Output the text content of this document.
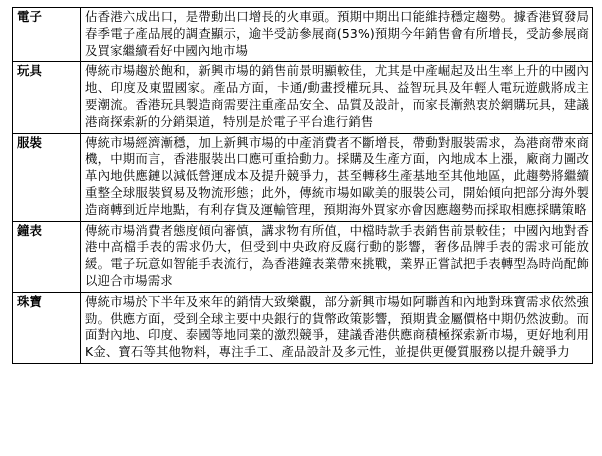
電子	佔香港六成出口，是帶動出口增長的火車頭。預期中期出口能維持穩定趨勢。據香港貿發局春季電子產品展的調查顯示，逾半受訪參展商(53%)預期今年銷售會有所增長，受訪參展商及買家繼續看好中國內地市場
玩具	傳統市場趨於飽和，新興市場的銷售前景明顯較佳，尤其是中產崛起及出生率上升的中國內地、印度及東盟國家。產品方面，卡通/動畫授權玩具、益智玩具及年輕人電玩遊戲將成主要潮流。香港玩具製造商需要注重產品安全、品質及設計，而家長漸熱衷於網購玩具，建議港商探索新的分銷渠道，特別是於電子平台進行銷售
服裝	傳統市場經濟漸穩，加上新興市場的中產消費者不斷增長，帶動對服裝需求，為港商帶來商機，中期而言，香港服裝出口應可重拾動力。採購及生產方面，內地成本上漲，廠商力圖改革內地供應鏈以減低營運成本及提升競爭力，甚至轉移生產基地至其他地區，此趨勢將繼續重整全球服裝貿易及物流形態；此外，傳統市場如歐美的服裝公司，開始傾向把部分海外製造商轉到近岸地點，有利存貨及運輸管理，預期海外買家亦會因應趨勢而採取相應採購策略
鐘表	傳統市場消費者態度傾向審慎，講求物有所值，中檔時款手表銷售前景較佳；中國內地對香港中高檔手表的需求仍大，但受到中央政府反腐行動的影響，奢侈品牌手表的需求可能放緩。電子玩意如智能手表流行，為香港鐘表業帶來挑戰，業界正嘗試把手表轉型為時尚配飾以迎合市場需求
珠寶	傳統市場於下半年及來年的銷情大致樂觀，部分新興市場如阿聯酋和內地對珠寶需求依然強勁。供應方面，受到全球主要中央銀行的貨幣政策影響，預期貴金屬價格中期仍然波動。而面對內地、印度、泰國等地同業的激烈競爭，建議香港供應商積極探索新市場，更好地利用K金、寶石等其他物料，專注手工、產品設計及多元性，並提供更優質服務以提升競爭力
